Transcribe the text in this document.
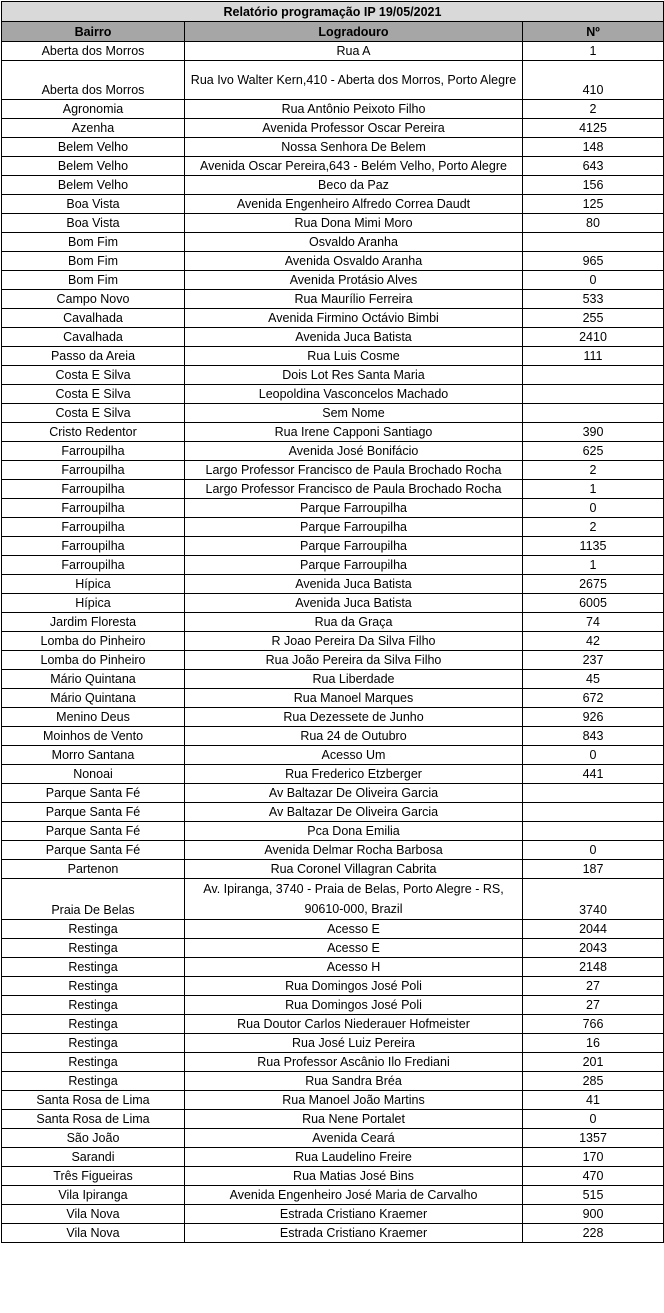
Relatório programação IP 19/05/2021		
Bairro	Logradouro	Nº
Aberta dos Morros	Rua A	1
Aberta dos Morros	Rua Ivo Walter Kern,410 - Aberta dos Morros, Porto Alegre	410
Agronomia	Rua Antônio Peixoto Filho	2
Azenha	Avenida Professor Oscar Pereira	4125
Belem Velho	Nossa Senhora De Belem	148
Belem Velho	Avenida Oscar Pereira,643 - Belém Velho, Porto Alegre	643
Belem Velho	Beco da Paz	156
Boa Vista	Avenida Engenheiro Alfredo Correa Daudt	125
Boa Vista	Rua Dona Mimi Moro	80
Bom Fim	Osvaldo Aranha	
Bom Fim	Avenida Osvaldo Aranha	965
Bom Fim	Avenida Protásio Alves	0
Campo Novo	Rua Maurílio Ferreira	533
Cavalhada	Avenida Firmino Octávio Bimbi	255
Cavalhada	Avenida Juca Batista	2410
Passo da Areia	Rua Luis Cosme	111
Costa E Silva	Dois Lot Res Santa Maria	
Costa E Silva	Leopoldina Vasconcelos Machado	
Costa E Silva	Sem Nome	
Cristo Redentor	Rua Irene Capponi Santiago	390
Farroupilha	Avenida José Bonifácio	625
Farroupilha	Largo Professor Francisco de Paula Brochado Rocha	2
Farroupilha	Largo Professor Francisco de Paula Brochado Rocha	1
Farroupilha	Parque Farroupilha	0
Farroupilha	Parque Farroupilha	2
Farroupilha	Parque Farroupilha	1135
Farroupilha	Parque Farroupilha	1
Hípica	Avenida Juca Batista	2675
Hípica	Avenida Juca Batista	6005
Jardim Floresta	Rua da Graça	74
Lomba do Pinheiro	R Joao Pereira Da Silva Filho	42
Lomba do Pinheiro	Rua João Pereira da Silva Filho	237
Mário Quintana	Rua Liberdade	45
Mário Quintana	Rua Manoel Marques	672
Menino Deus	Rua Dezessete de Junho	926
Moinhos de Vento	Rua 24 de Outubro	843
Morro Santana	Acesso Um	0
Nonoai	Rua Frederico Etzberger	441
Parque Santa Fé	Av Baltazar De Oliveira Garcia	
Parque Santa Fé	Av Baltazar De Oliveira Garcia	
Parque Santa Fé	Pca Dona Emilia	
Parque Santa Fé	Avenida Delmar Rocha Barbosa	0
Partenon	Rua Coronel Villagran Cabrita	187
Praia De Belas	Av. Ipiranga, 3740 - Praia de Belas, Porto Alegre - RS, 90610-000, Brazil	3740
Restinga	Acesso E	2044
Restinga	Acesso E	2043
Restinga	Acesso H	2148
Restinga	Rua Domingos José Poli	27
Restinga	Rua Domingos José Poli	27
Restinga	Rua Doutor Carlos Niederauer Hofmeister	766
Restinga	Rua José Luiz Pereira	16
Restinga	Rua Professor Ascânio Ilo Frediani	201
Restinga	Rua Sandra Bréa	285
Santa Rosa de Lima	Rua Manoel João Martins	41
Santa Rosa de Lima	Rua Nene Portalet	0
São João	Avenida Ceará	1357
Sarandi	Rua Laudelino Freire	170
Três Figueiras	Rua Matias José Bins	470
Vila Ipiranga	Avenida Engenheiro José Maria de Carvalho	515
Vila Nova	Estrada Cristiano Kraemer	900
Vila Nova	Estrada Cristiano Kraemer	228
